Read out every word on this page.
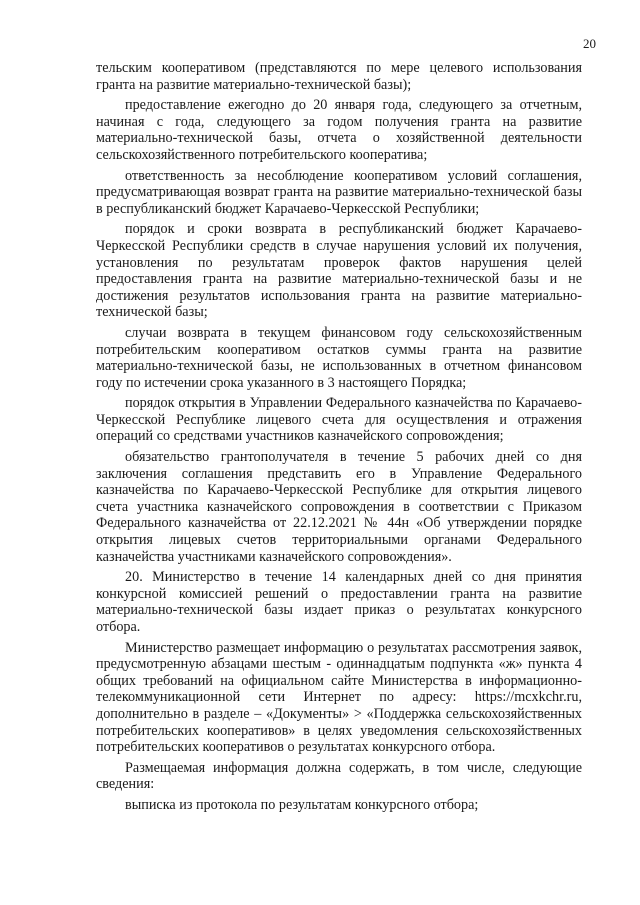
20

тельским кооперативом (представляются по мере целевого использования гранта на развитие материально-технической базы);

предоставление ежегодно до 20 января года, следующего за отчетным, начиная с года, следующего за годом получения гранта на развитие материально-технической базы, отчета о хозяйственной деятельности сельскохозяйственного потребительского кооператива;

ответственность за несоблюдение кооперативом условий соглашения, предусматривающая возврат гранта на развитие материально-технической базы в республиканский бюджет Карачаево-Черкесской Республики;

порядок и сроки возврата в республиканский бюджет Карачаево-Черкесской Республики средств в случае нарушения условий их получения, установления по результатам проверок фактов нарушения целей предоставления гранта на развитие материально-технической базы и не достижения результатов использования гранта на развитие материально-технической базы;

случаи возврата в текущем финансовом году сельскохозяйственным потребительским кооперативом остатков суммы гранта на развитие материально-технической базы, не использованных в отчетном финансовом году по истечении срока указанного в 3 настоящего Порядка;

порядок открытия в Управлении Федерального казначейства по Карачаево-Черкесской Республике лицевого счета для осуществления и отражения операций со средствами участников казначейского сопровождения;

обязательство грантополучателя в течение 5 рабочих дней со дня заключения соглашения представить его в Управление Федерального казначейства по Карачаево-Черкесской Республике для открытия лицевого счета участника казначейского сопровождения в соответствии с Приказом Федерального казначейства от 22.12.2021 № 44н «Об утверждении порядке открытия лицевых счетов территориальными органами Федерального казначейства участниками казначейского сопровождения».

20. Министерство в течение 14 календарных дней со дня принятия конкурсной комиссией решений о предоставлении гранта на развитие материально-технической базы издает приказ о результатах конкурсного отбора.

Министерство размещает информацию о результатах рассмотрения заявок, предусмотренную абзацами шестым - одиннадцатым подпункта «ж» пункта 4 общих требований на официальном сайте Министерства в информационно-телекоммуникационной сети Интернет по адресу: https://mcxkchr.ru, дополнительно в разделе – «Документы» > «Поддержка сельскохозяйственных потребительских кооперативов» в целях уведомления сельскохозяйственных потребительских кооперативов о результатах конкурсного отбора.

Размещаемая информация должна содержать, в том числе, следующие сведения:

выписка из протокола по результатам конкурсного отбора;
